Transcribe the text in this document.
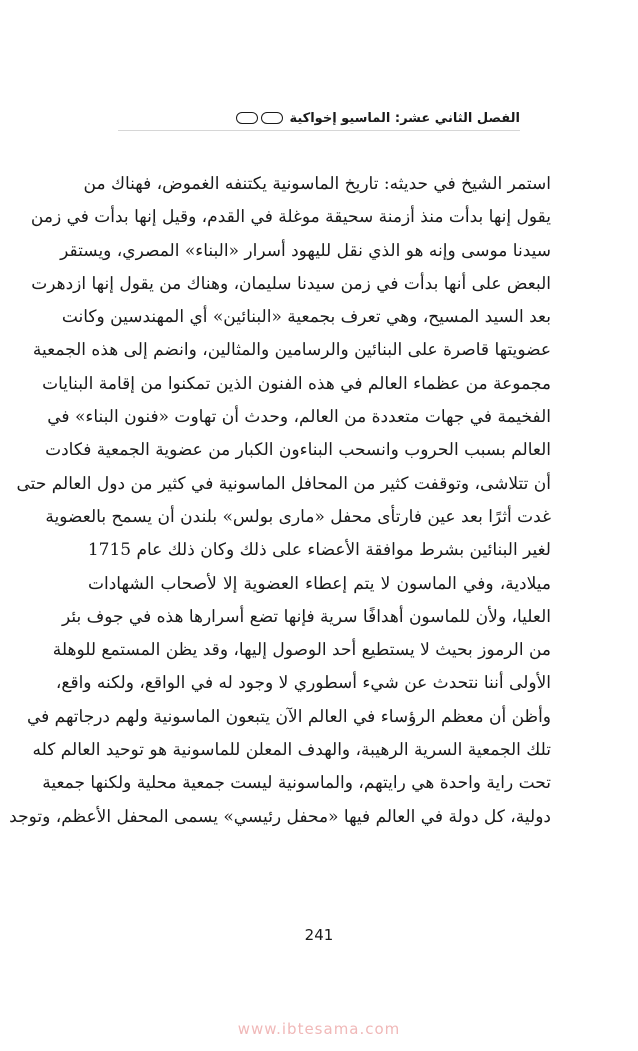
الفصل الثاني عشر: الماسيو إخواكية
استمر الشيخ في حديثه: تاريخ الماسونية يكتنفه الغموض، فهناك من
يقول إنها بدأت منذ أزمنة سحيقة موغلة في القدم، وقيل إنها بدأت في زمن
سيدنا موسى وإنه هو الذي نقل لليهود أسرار «البناء» المصري، ويستقر
البعض على أنها بدأت في زمن سيدنا سليمان، وهناك من يقول إنها ازدهرت
بعد السيد المسيح، وهي تعرف بجمعية «البنائين» أي المهندسين وكانت
عضويتها قاصرة على البنائين والرسامين والمثالين، وانضم إلى هذه الجمعية
مجموعة من عظماء العالم في هذه الفنون الذين تمكنوا من إقامة البنايات
الفخيمة في جهات متعددة من العالم، وحدث أن تهاوت «فنون البناء» في
العالم بسبب الحروب وانسحب البناءون الكبار من عضوية الجمعية فكادت
أن تتلاشى، وتوقفت كثير من المحافل الماسونية في كثير من دول العالم حتى
غدت أثرًا بعد عين فارتأى محفل «مارى بولس» بلندن أن يسمح بالعضوية
لغير البنائين بشرط موافقة الأعضاء على ذلك وكان ذلك عام 1715
ميلادية، وفي الماسون لا يتم إعطاء العضوية إلا لأصحاب الشهادات
العليا، ولأن للماسون أهدافًا سرية فإنها تضع أسرارها هذه في جوف بئر
من الرموز بحيث لا يستطيع أحد الوصول إليها، وقد يظن المستمع للوهلة
الأولى أننا نتحدث عن شيء أسطوري لا وجود له في الواقع، ولكنه واقع،
وأظن أن معظم الرؤساء في العالم الآن يتبعون الماسونية ولهم درجاتهم في
تلك الجمعية السرية الرهيبة، والهدف المعلن للماسونية هو توحيد العالم كله
تحت راية واحدة هي رايتهم، والماسونية ليست جمعية محلية ولكنها جمعية
دولية، كل دولة في العالم فيها «محفل رئيسي» يسمى المحفل الأعظم، وتوجد
241
www.ibtesama.com
